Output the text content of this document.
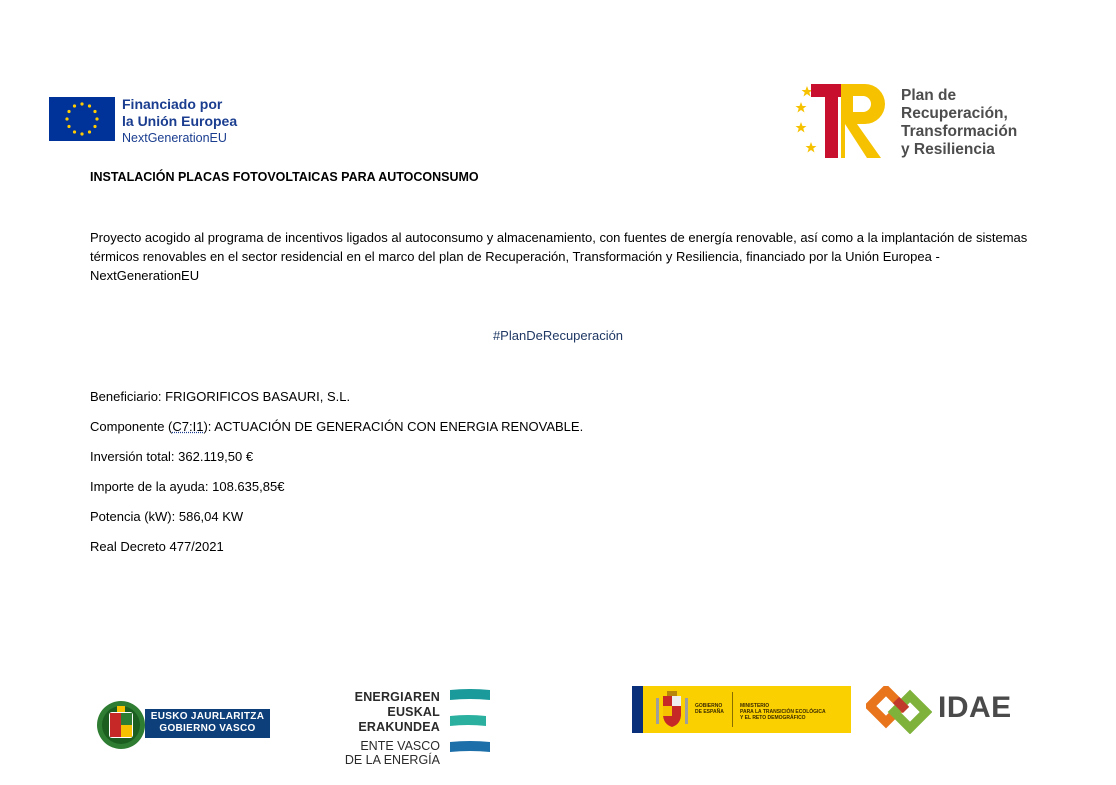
Financiado por
la Unión Europea
NextGenerationEU
Plan de
Recuperación,
Transformación
y Resiliencia
INSTALACIÓN PLACAS FOTOVOLTAICAS PARA AUTOCONSUMO
Proyecto acogido al programa de incentivos ligados al autoconsumo y almacenamiento, con fuentes de energía renovable, así como a la implantación de sistemas térmicos renovables en el sector residencial en el marco del plan de Recuperación, Transformación y Resiliencia, financiado por la Unión Europea - NextGenerationEU
#PlanDeRecuperación
Beneficiario: FRIGORIFICOS BASAURI, S.L.
Componente (C7:I1): ACTUACIÓN DE GENERACIÓN CON ENERGIA RENOVABLE.
Inversión total: 362.119,50 €
Importe de la ayuda: 108.635,85€
Potencia (kW): 586,04 KW
Real Decreto 477/2021
EUSKO JAURLARITZA
GOBIERNO VASCO
ENERGIAREN
EUSKAL ERAKUNDEA
ENTE VASCO
DE LA ENERGÍA
GOBIERNO
DE ESPAÑA
MINISTERIO
PARA LA TRANSICIÓN ECOLÓGICA
Y EL RETO DEMOGRÁFICO	IDAE
